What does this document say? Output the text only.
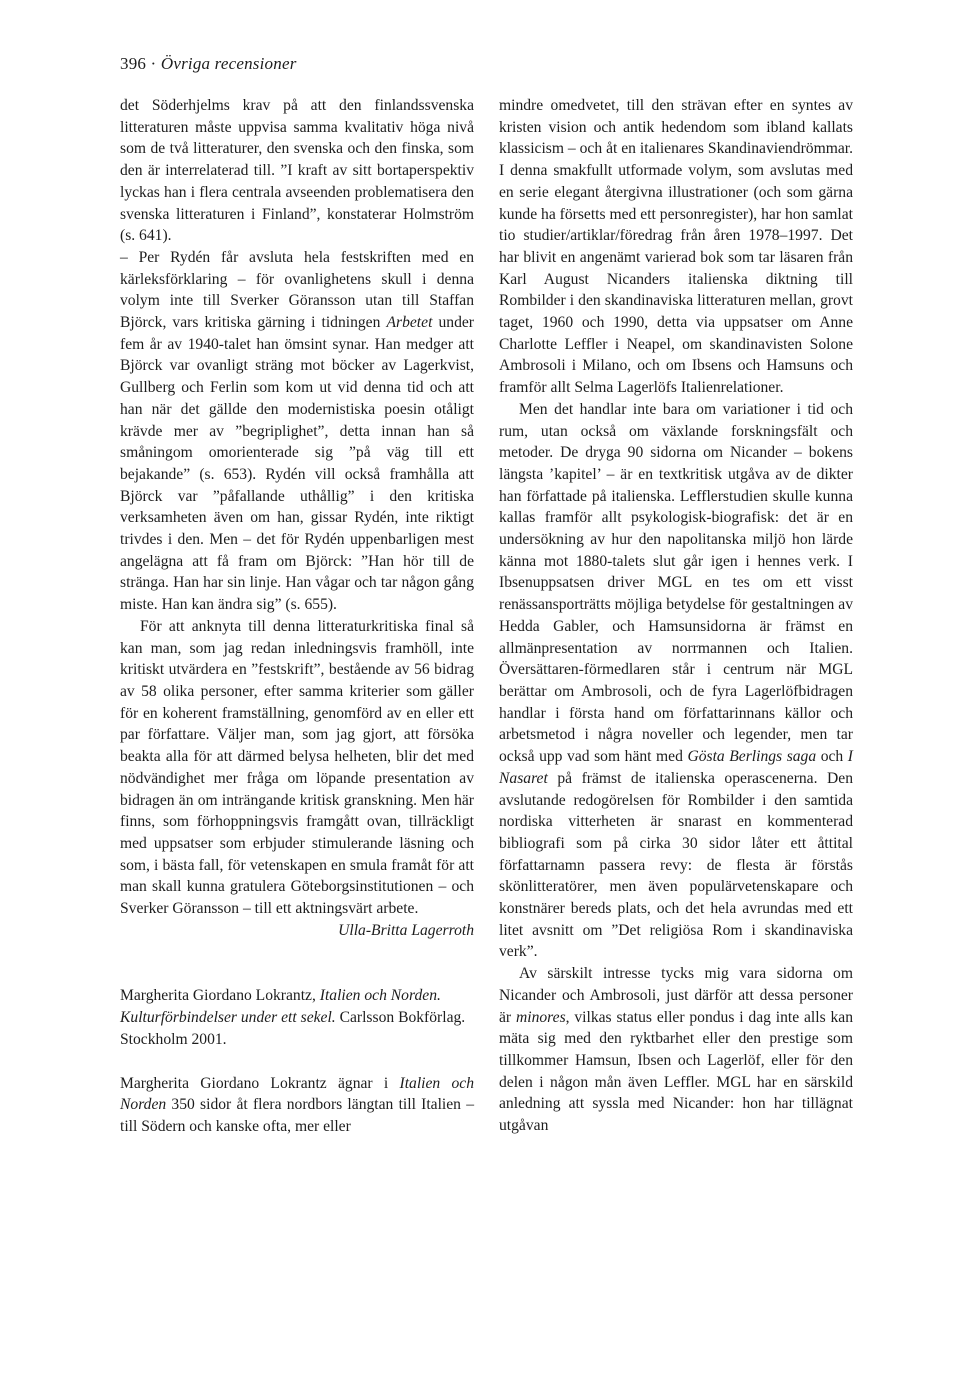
396 · Övriga recensioner

det Söderhjelms krav på att den finlandssvenska litteraturen måste uppvisa samma kvalitativ höga nivå som de två litteraturer, den svenska och den finska, som den är interrelaterad till. ”I kraft av sitt bortaperspektiv lyckas han i flera centrala avseenden problematisera den svenska litteraturen i Finland”, konstaterar Holmström (s. 641).

– Per Rydén får avsluta hela festskriften med en kärleksförklaring – för ovanlighetens skull i denna volym inte till Sverker Göransson utan till Staffan Björck, vars kritiska gärning i tidningen Arbetet under fem år av 1940-talet han ömsint synar. Han medger att Björck var ovanligt sträng mot böcker av Lagerkvist, Gullberg och Ferlin som kom ut vid denna tid och att han när det gällde den modernistiska poesin otåligt krävde mer av ”begriplighet”, detta innan han så småningom omorienterade sig ”på väg till ett bejakande” (s. 653). Rydén vill också framhålla att Björck var ”påfallande uthållig” i den kritiska verksamheten även om han, gissar Rydén, inte riktigt trivdes i den. Men – det för Rydén uppenbarligen mest angelägna att få fram om Björck: ”Han hör till de stränga. Han har sin linje. Han vågar och tar någon gång miste. Han kan ändra sig” (s. 655).

För att anknyta till denna litteraturkritiska final så kan man, som jag redan inledningsvis framhöll, inte kritiskt utvärdera en ”festskrift”, bestående av 56 bidrag av 58 olika personer, efter samma kriterier som gäller för en koherent framställning, genomförd av en eller ett par författare. Väljer man, som jag gjort, att försöka beakta alla för att därmed belysa helheten, blir det med nödvändighet mer fråga om löpande presentation av bidragen än om inträngande kritisk granskning. Men här finns, som förhoppningsvis framgått ovan, tillräckligt med uppsatser som erbjuder stimulerande läsning och som, i bästa fall, för vetenskapen en smula framåt för att man skall kunna gratulera Göteborgsinstitutionen – och Sverker Göransson – till ett aktningsvärt arbete.

Ulla-Britta Lagerroth

Margherita Giordano Lokrantz, Italien och Norden. Kulturförbindelser under ett sekel. Carlsson Bokförlag. Stockholm 2001.

Margherita Giordano Lokrantz ägnar i Italien och Norden 350 sidor åt flera nordbors längtan till Italien – till Södern och kanske ofta, mer eller

mindre omedvetet, till den strävan efter en syntes av kristen vision och antik hedendom som ibland kallats klassicism – och åt en italienares Skandinaviendrömmar. I denna smakfullt utformade volym, som avslutas med en serie elegant återgivna illustrationer (och som gärna kunde ha försetts med ett personregister), har hon samlat tio studier/artiklar/föredrag från åren 1978–1997. Det har blivit en angenämt varierad bok som tar läsaren från Karl August Nicanders italienska diktning till Rombilder i den skandinaviska litteraturen mellan, grovt taget, 1960 och 1990, detta via uppsatser om Anne Charlotte Leffler i Neapel, om skandinavisten Solone Ambrosoli i Milano, och om Ibsens och Hamsuns och framför allt Selma Lagerlöfs Italienrelationer.

Men det handlar inte bara om variationer i tid och rum, utan också om växlande forskningsfält och metoder. De dryga 90 sidorna om Nicander – bokens längsta ’kapitel’ – är en textkritisk utgåva av de dikter han författade på italienska. Lefflerstudien skulle kunna kallas framför allt psykologisk-biografisk: det är en undersökning av hur den napolitanska miljö hon lärde känna mot 1880-talets slut går igen i hennes verk. I Ibsenuppsatsen driver MGL en tes om ett visst renässansporträtts möjliga betydelse för gestaltningen av Hedda Gabler, och Hamsunsidorna är främst en allmänpresentation av norrmannen och Italien. Översättaren-förmedlaren står i centrum när MGL berättar om Ambrosoli, och de fyra Lagerlöfbidragen handlar i första hand om författarinnans källor och arbetsmetod i några noveller och legender, men tar också upp vad som hänt med Gösta Berlings saga och I Nasaret på främst de italienska operascenerna. Den avslutande redogörelsen för Rombilder i den samtida nordiska vitterheten är snarast en kommenterad bibliografi som på cirka 30 sidor låter ett åttital författarnamn passera revy: de flesta är förstås skönlitteratörer, men även populärvetenskapare och konstnärer bereds plats, och det hela avrundas med ett litet avsnitt om ”Det religiösa Rom i skandinaviska verk”.

Av särskilt intresse tycks mig vara sidorna om Nicander och Ambrosoli, just därför att dessa personer är minores, vilkas status eller pondus i dag inte alls kan mäta sig med den ryktbarhet eller den prestige som tillkommer Hamsun, Ibsen och Lagerlöf, eller för den delen i någon mån även Leffler. MGL har en särskild anledning att syssla med Nicander: hon har tillägnat utgåvan
